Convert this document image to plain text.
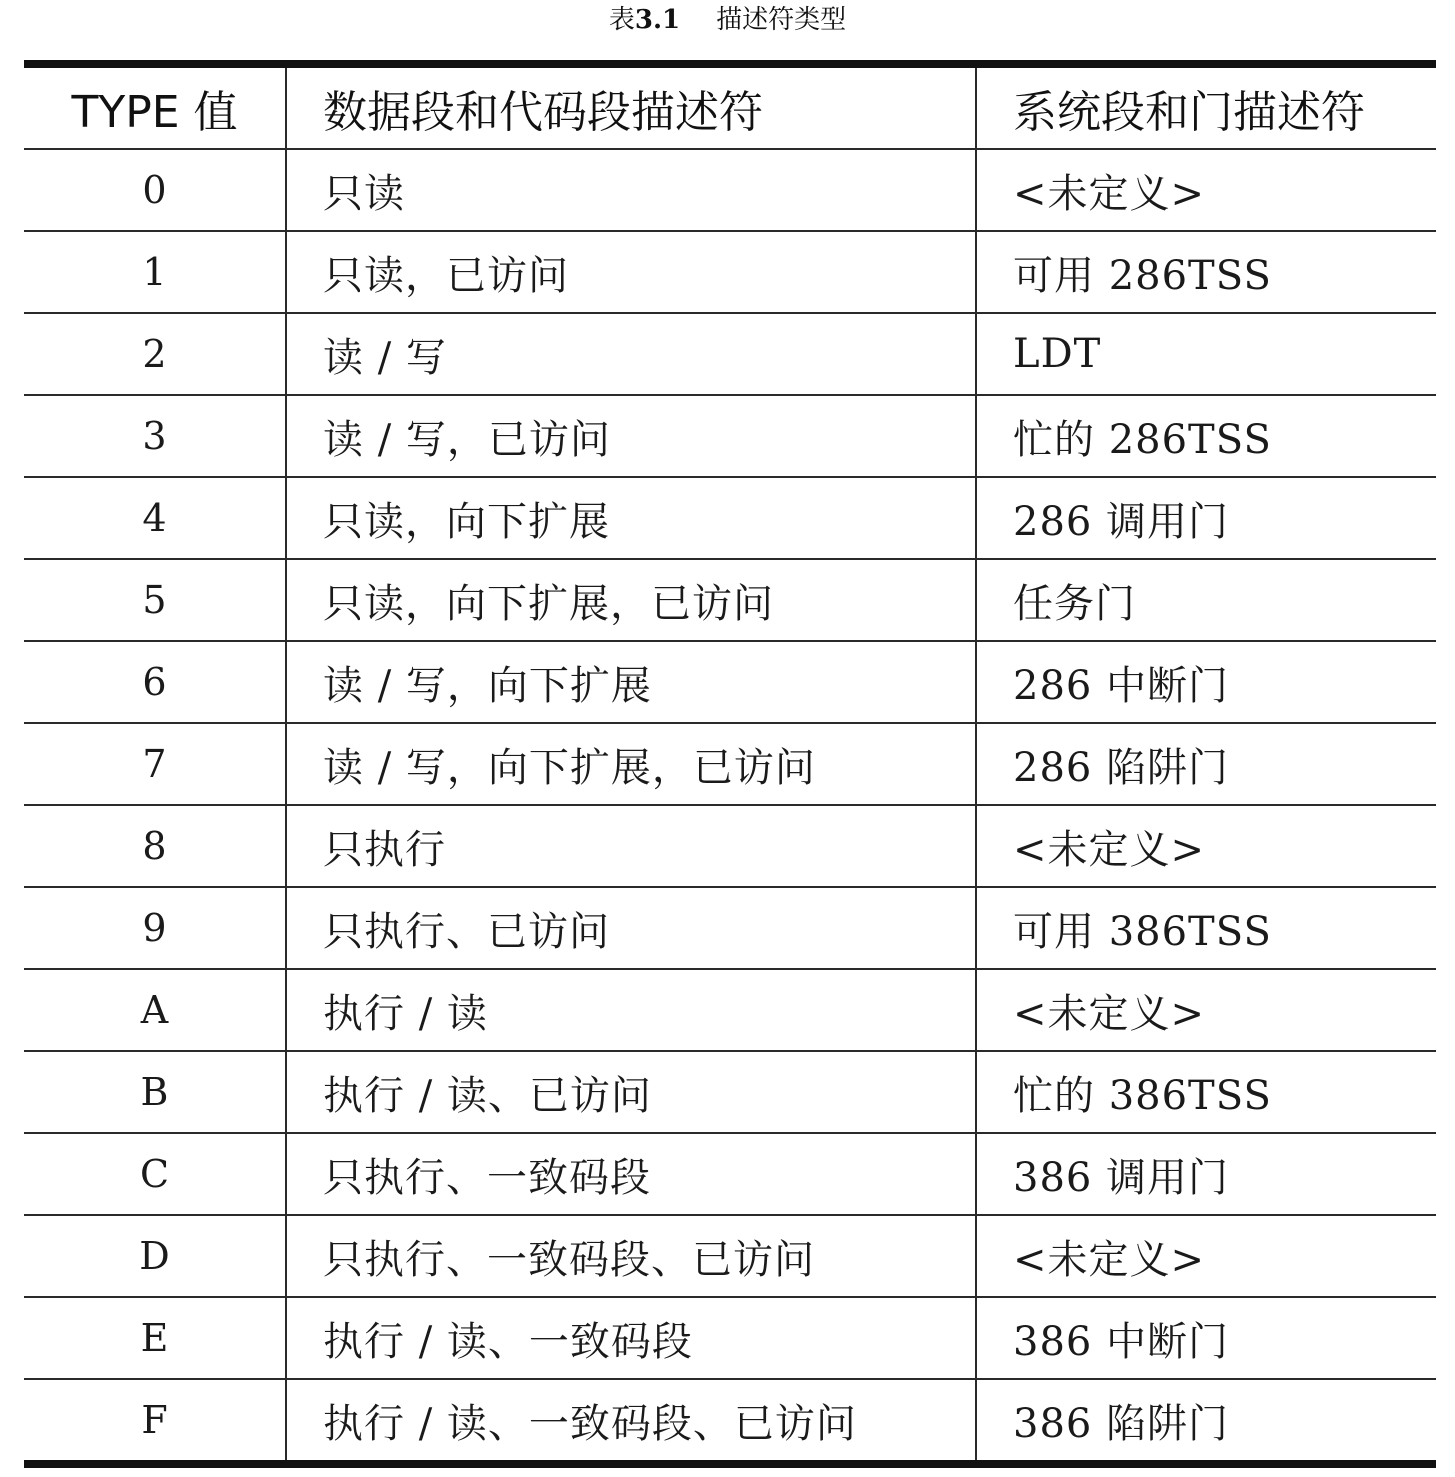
表3.1 描述符类型
TYPE 值	数据段和代码段描述符	系统段和门描述符
0	只读	<未定义>
1	只读，已访问	可用 286TSS
2	读 / 写	LDT
3	读 / 写，已访问	忙的 286TSS
4	只读，向下扩展	286 调用门
5	只读，向下扩展，已访问	任务门
6	读 / 写，向下扩展	286 中断门
7	读 / 写，向下扩展，已访问	286 陷阱门
8	只执行	<未定义>
9	只执行、已访问	可用 386TSS
A	执行 / 读	<未定义>
B	执行 / 读、已访问	忙的 386TSS
C	只执行、一致码段	386 调用门
D	只执行、一致码段、已访问	<未定义>
E	执行 / 读、一致码段	386 中断门
F	执行 / 读、一致码段、已访问	386 陷阱门
